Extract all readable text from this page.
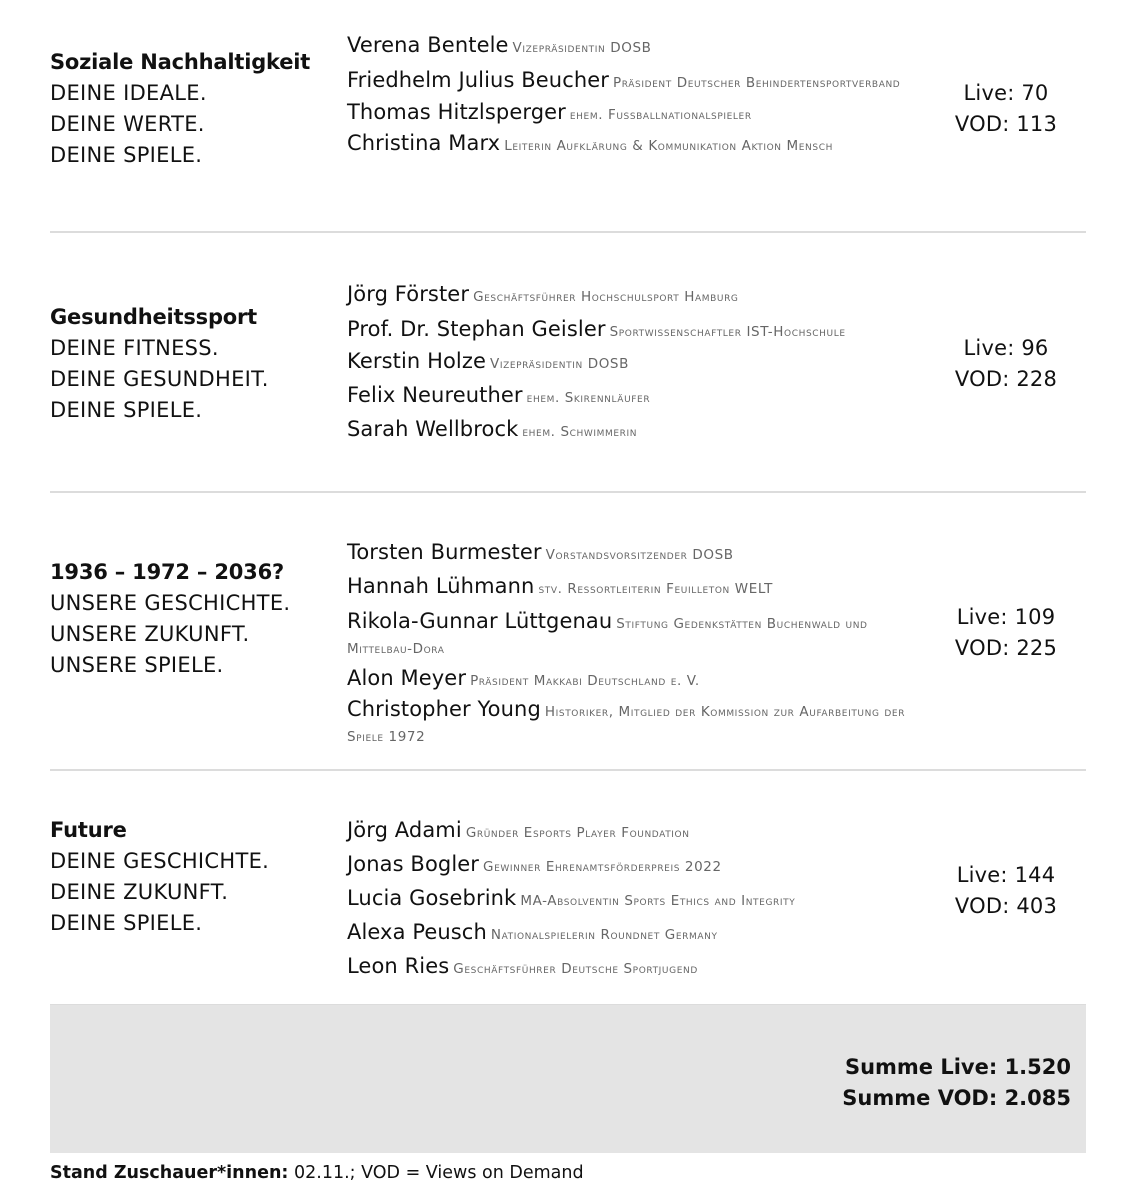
Soziale Nachhaltigkeit
DEINE IDEALE.
DEINE WERTE.
DEINE SPIELE.

Verena Bentele Vizepräsidentin DOSB

Friedhelm Julius Beucher Präsident Deutscher Behindertensportverband

Thomas Hitzlsperger ehem. Fussballnationalspieler

Christina Marx Leiterin Aufklärung & Kommunikation Aktion Mensch

Live: 70
VOD: 113
Gesundheitssport
DEINE FITNESS.
DEINE GESUNDHEIT.
DEINE SPIELE.

Jörg Förster Geschäftsführer Hochschulsport Hamburg

Prof. Dr. Stephan Geisler Sportwissenschaftler IST-Hochschule

Kerstin Holze Vizepräsidentin DOSB

Felix Neureuther ehem. Skirennläufer

Sarah Wellbrock ehem. Schwimmerin

Live: 96
VOD: 228
1936 – 1972 – 2036?
UNSERE GESCHICHTE.
UNSERE ZUKUNFT.
UNSERE SPIELE.

Torsten Burmester Vorstandsvorsitzender DOSB

Hannah Lühmann stv. Ressortleiterin Feuilleton WELT

Rikola-Gunnar Lüttgenau Stiftung Gedenkstätten Buchenwald und Mittelbau-Dora

Alon Meyer Präsident Makkabi Deutschland e. V.

Christopher Young Historiker, Mitglied der Kommission zur Aufarbeitung der Spiele 1972

Live: 109
VOD: 225
Future
DEINE GESCHICHTE.
DEINE ZUKUNFT.
DEINE SPIELE.

Jörg Adami Gründer Esports Player Foundation

Jonas Bogler Gewinner Ehrenamtsförderpreis 2022

Lucia Gosebrink MA-Absolventin Sports Ethics and Integrity

Alexa Peusch Nationalspielerin Roundnet Germany

Leon Ries Geschäftsführer Deutsche Sportjugend

Live: 144
VOD: 403
Summe Live: 1.520
Summe VOD: 2.085
Stand Zuschauer*innen: 02.11.; VOD = Views on Demand
